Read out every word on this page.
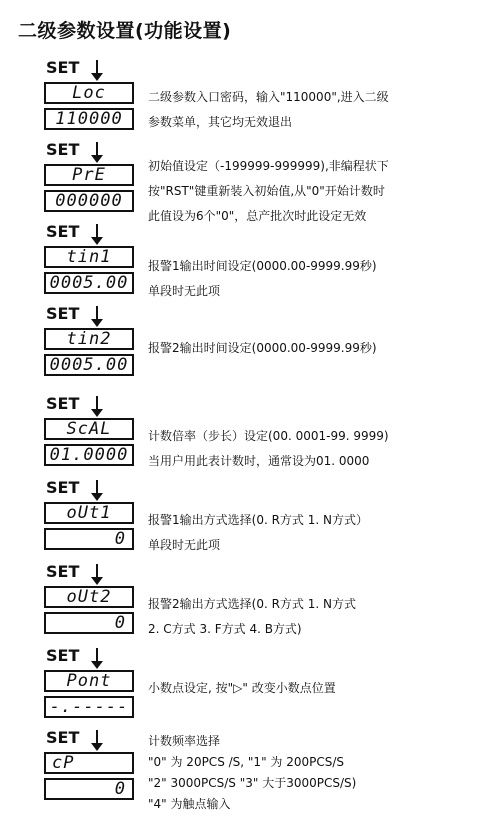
二级参数设置(功能设置)
SET
Loc
110000
二级参数入口密码，输入"110000",进入二级
参数菜单，其它均无效退出
SET
PrE
000000
初始值设定（-199999-999999),非编程状下
按"RST"键重新装入初始值,从"0"开始计数时
此值设为6个"0"，总产批次时此设定无效
SET
tin1
0005.00
报警1输出时间设定(0000.00-9999.99秒)
单段时无此项
SET
tin2
0005.00
报警2输出时间设定(0000.00-9999.99秒)
SET
ScAL
01.0000
计数倍率（步长）设定(00. 0001-99. 9999)
当用户用此表计数时，通常设为01. 0000
SET
oUt1
0
报警1输出方式选择(0. R方式 1. N方式）
单段时无此项
SET
oUt2
0
报警2输出方式选择(0. R方式 1. N方式
2. C方式 3. F方式 4. B方式)
SET
Pont
-.-----
小数点设定, 按"▷" 改变小数点位置
SET
cP
0
计数频率选择
"0" 为 20PCS /S, "1" 为 200PCS/S
"2" 3000PCS/S "3" 大于3000PCS/S)
"4" 为触点输入
